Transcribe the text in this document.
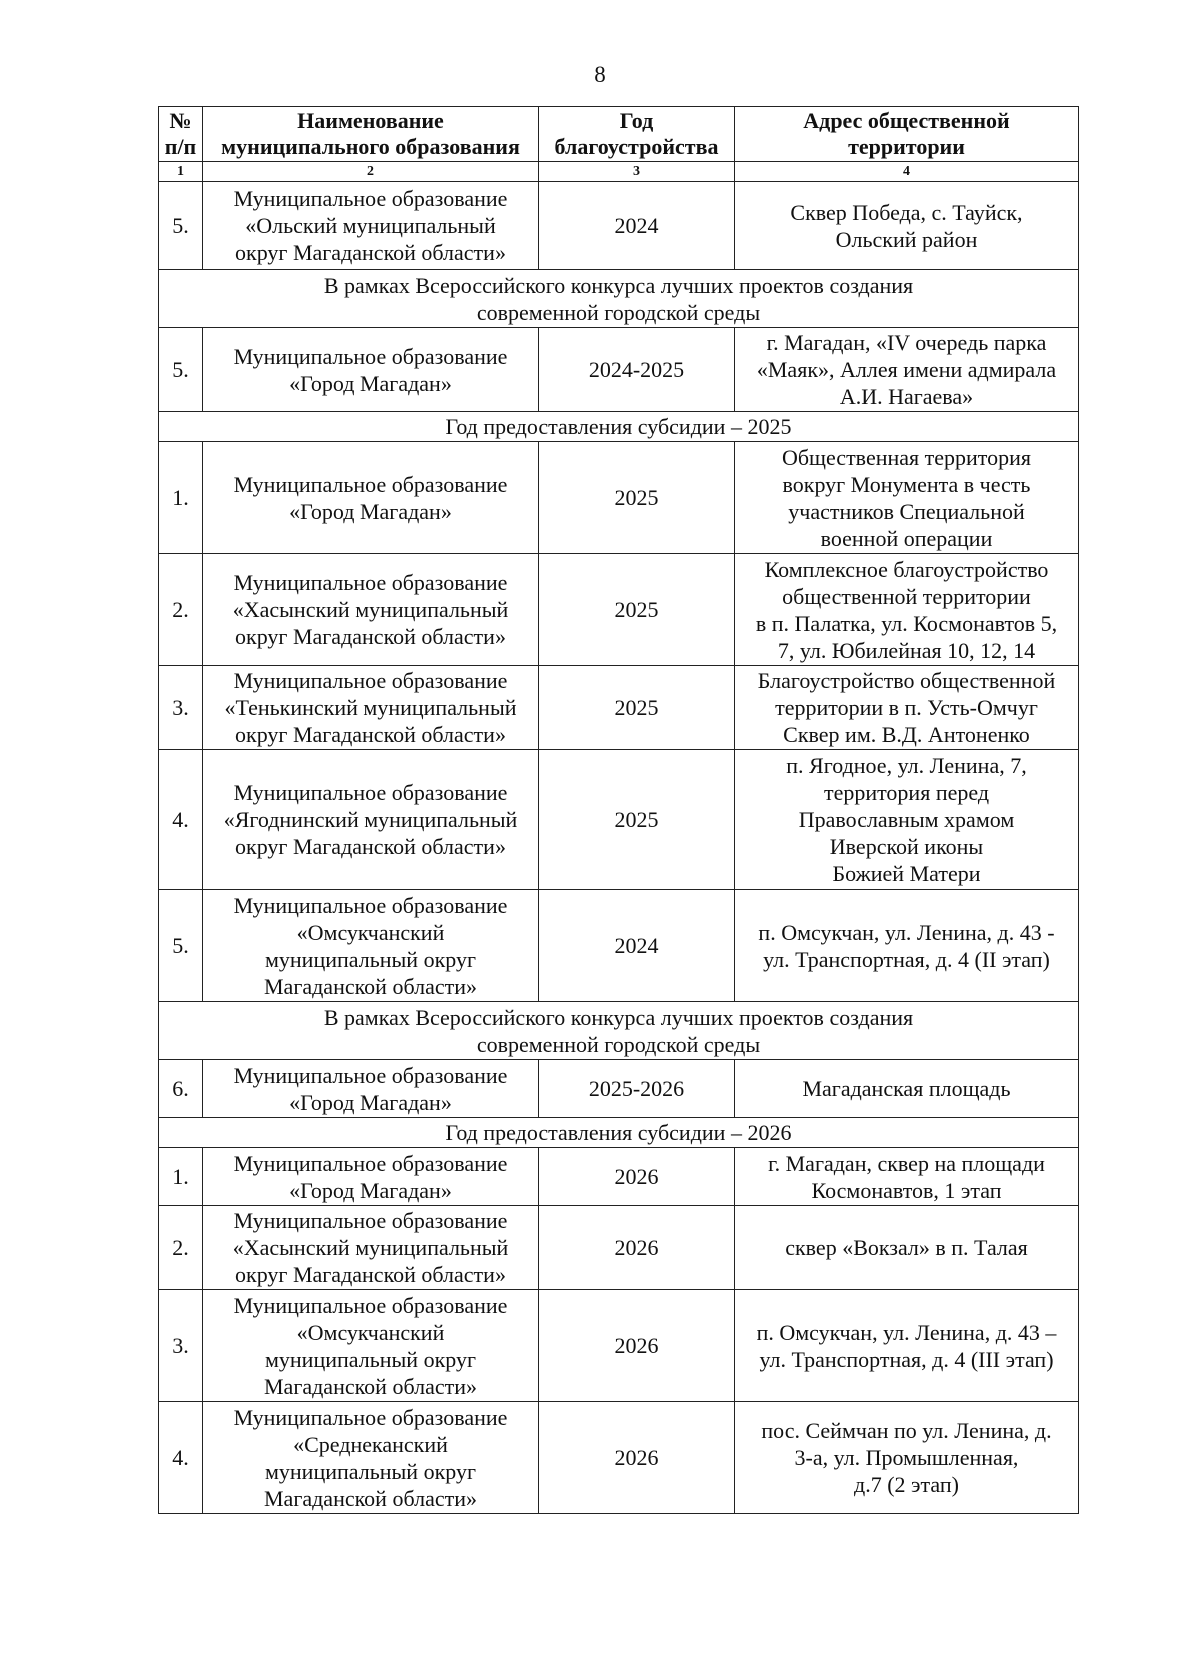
8
№
п/п	Наименование
муниципального образования	Год
благоустройства	Адрес общественной
территории

1	2	3	4
5.	Муниципальное образование
«Ольский муниципальный
округ Магаданской области»	2024	Сквер Победа, с. Тауйск,
Ольский район

В рамках Всероссийского конкурса лучших проектов создания
современной городской среды			

5.	Муниципальное образование
«Город Магадан»	2024-2025	г. Магадан, «IV очередь парка
«Маяк», Аллея имени адмирала
А.И. Нагаева»

Год предоставления субсидии – 2025			

1.	Муниципальное образование
«Город Магадан»	2025	Общественная территория
вокруг Монумента в честь
участников Специальной
военной операции

2.	Муниципальное образование
«Хасынский муниципальный
округ Магаданской области»	2025	Комплексное благоустройство
общественной территории
в п. Палатка, ул. Космонавтов 5,
7, ул. Юбилейная 10, 12, 14

3.	Муниципальное образование
«Тенькинский муниципальный
округ Магаданской области»	2025	Благоустройство общественной
территории в п. Усть-Омчуг
Сквер им. В.Д. Антоненко

4.	Муниципальное образование
«Ягоднинский муниципальный
округ Магаданской области»	2025	п. Ягодное, ул. Ленина, 7,
территория перед
Православным храмом
Иверской иконы
Божией Матери

5.	Муниципальное образование
«Омсукчанский
муниципальный округ
Магаданской области»	2024	п. Омсукчан, ул. Ленина, д. 43 -
ул. Транспортная, д. 4 (II этап)

В рамках Всероссийского конкурса лучших проектов создания
современной городской среды			

6.	Муниципальное образование
«Город Магадан»	2025-2026	Магаданская площадь

Год предоставления субсидии – 2026			

1.	Муниципальное образование
«Город Магадан»	2026	г. Магадан, сквер на площади
Космонавтов, 1 этап

2.	Муниципальное образование
«Хасынский муниципальный
округ Магаданской области»	2026	сквер «Вокзал» в п. Талая

3.	Муниципальное образование
«Омсукчанский
муниципальный округ
Магаданской области»	2026	п. Омсукчан, ул. Ленина, д. 43 –
ул. Транспортная, д. 4 (III этап)

4.	Муниципальное образование
«Среднеканский
муниципальный округ
Магаданской области»	2026	пос. Сеймчан по ул. Ленина, д.
3-а, ул. Промышленная,
д.7 (2 этап)
